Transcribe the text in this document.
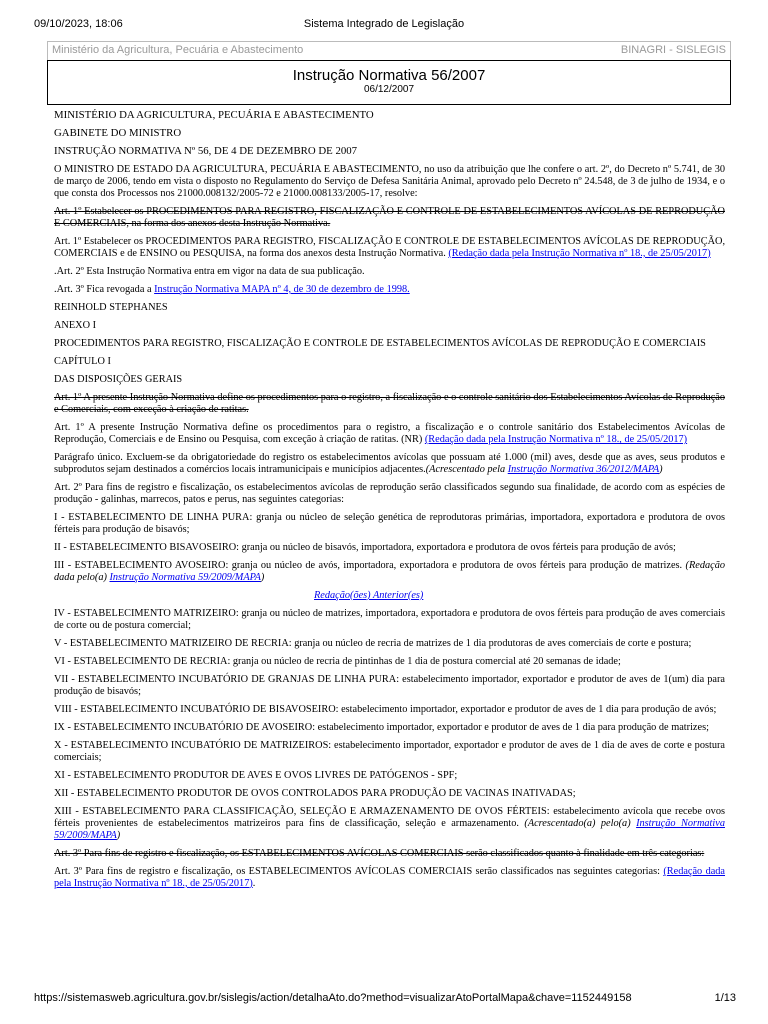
09/10/2023, 18:06	Sistema Integrado de Legislação
Ministério da Agricultura, Pecuária e Abastecimento	BINAGRI - SISLEGIS
Instrução Normativa 56/2007
06/12/2007

MINISTÉRIO DA AGRICULTURA, PECUÁRIA E ABASTECIMENTO

GABINETE DO MINISTRO

INSTRUÇÃO NORMATIVA Nº 56, DE 4 DE DEZEMBRO DE 2007

O MINISTRO DE ESTADO DA AGRICULTURA, PECUÁRIA E ABASTECIMENTO, no uso da atribuição que lhe confere o art. 2º, do Decreto nº 5.741, de 30 de março de 2006, tendo em vista o disposto no Regulamento do Serviço de Defesa Sanitária Animal, aprovado pelo Decreto nº 24.548, de 3 de julho de 1934, e o que consta dos Processos nos 21000.008132/2005-72 e 21000.008133/2005-17, resolve:

Art. 1º Estabelecer os PROCEDIMENTOS PARA REGISTRO, FISCALIZAÇÃO E CONTROLE DE ESTABELECIMENTOS AVÍCOLAS DE REPRODUÇÃO E COMERCIAIS, na forma dos anexos desta Instrução Normativa.

Art. 1º Estabelecer os PROCEDIMENTOS PARA REGISTRO, FISCALIZAÇÃO E CONTROLE DE ESTABELECIMENTOS AVÍCOLAS DE REPRODUÇÃO, COMERCIAIS e de ENSINO ou PESQUISA, na forma dos anexos desta Instrução Normativa. (Redação dada pela Instrução Normativa nº 18., de 25/05/2017)

.Art. 2º Esta Instrução Normativa entra em vigor na data de sua publicação.

.Art. 3º Fica revogada a Instrução Normativa MAPA nº 4, de 30 de dezembro de 1998.

REINHOLD STEPHANES

ANEXO I

PROCEDIMENTOS PARA REGISTRO, FISCALIZAÇÃO E CONTROLE DE ESTABELECIMENTOS AVÍCOLAS DE REPRODUÇÃO E COMERCIAIS

CAPÍTULO I

DAS DISPOSIÇÕES GERAIS

Art. 1º A presente Instrução Normativa define os procedimentos para o registro, a fiscalização e o controle sanitário dos Estabelecimentos Avícolas de Reprodução e Comerciais, com exceção à criação de ratitas.

Art. 1º A presente Instrução Normativa define os procedimentos para o registro, a fiscalização e o controle sanitário dos Estabelecimentos Avícolas de Reprodução, Comerciais e de Ensino ou Pesquisa, com exceção à criação de ratitas. (NR) (Redação dada pela Instrução Normativa nº 18., de 25/05/2017)

Parágrafo único. Excluem-se da obrigatoriedade do registro os estabelecimentos avícolas que possuam até 1.000 (mil) aves, desde que as aves, seus produtos e subprodutos sejam destinados a comércios locais intramunicipais e municípios adjacentes.(Acrescentado pela Instrução Normativa 36/2012/MAPA)

Art. 2º Para fins de registro e fiscalização, os estabelecimentos avícolas de reprodução serão classificados segundo sua finalidade, de acordo com as espécies de produção - galinhas, marrecos, patos e perus, nas seguintes categorias:

I - ESTABELECIMENTO DE LINHA PURA: granja ou núcleo de seleção genética de reprodutoras primárias, importadora, exportadora e produtora de ovos férteis para produção de bisavós;

II - ESTABELECIMENTO BISAVOSEIRO: granja ou núcleo de bisavós, importadora, exportadora e produtora de ovos férteis para produção de avós;

III - ESTABELECIMENTO AVOSEIRO: granja ou núcleo de avós, importadora, exportadora e produtora de ovos férteis para produção de matrizes. (Redação dada pelo(a) Instrução Normativa 59/2009/MAPA)

Redação(ões) Anterior(es)

IV - ESTABELECIMENTO MATRIZEIRO: granja ou núcleo de matrizes, importadora, exportadora e produtora de ovos férteis para produção de aves comerciais de corte ou de postura comercial;

V - ESTABELECIMENTO MATRIZEIRO DE RECRIA: granja ou núcleo de recria de matrizes de 1 dia produtoras de aves comerciais de corte e postura;

VI - ESTABELECIMENTO DE RECRIA: granja ou núcleo de recria de pintinhas de 1 dia de postura comercial até 20 semanas de idade;

VII - ESTABELECIMENTO INCUBATÓRIO DE GRANJAS DE LINHA PURA: estabelecimento importador, exportador e produtor de aves de 1(um) dia para produção de bisavós;

VIII - ESTABELECIMENTO INCUBATÓRIO DE BISAVOSEIRO: estabelecimento importador, exportador e produtor de aves de 1 dia para produção de avós;

IX - ESTABELECIMENTO INCUBATÓRIO DE AVOSEIRO: estabelecimento importador, exportador e produtor de aves de 1 dia para produção de matrizes;

X - ESTABELECIMENTO INCUBATÓRIO DE MATRIZEIROS: estabelecimento importador, exportador e produtor de aves de 1 dia de aves de corte e postura comerciais;

XI - ESTABELECIMENTO PRODUTOR DE AVES E OVOS LIVRES DE PATÓGENOS - SPF;

XII - ESTABELECIMENTO PRODUTOR DE OVOS CONTROLADOS PARA PRODUÇÃO DE VACINAS INATIVADAS;

XIII - ESTABELECIMENTO PARA CLASSIFICAÇÃO, SELEÇÃO E ARMAZENAMENTO DE OVOS FÉRTEIS: estabelecimento avícola que recebe ovos férteis provenientes de estabelecimentos matrizeiros para fins de classificação, seleção e armazenamento. (Acrescentado(a) pelo(a) Instrução Normativa 59/2009/MAPA)

Art. 3º Para fins de registro e fiscalização, os ESTABELECIMENTOS AVÍCOLAS COMERCIAIS serão classificados quanto à finalidade em três categorias:

Art. 3º Para fins de registro e fiscalização, os ESTABELECIMENTOS AVÍCOLAS COMERCIAIS serão classificados nas seguintes categorias: (Redação dada pela Instrução Normativa nº 18., de 25/05/2017).

https://sistemasweb.agricultura.gov.br/sislegis/action/detalhaAto.do?method=visualizarAtoPortalMapa&chave=1152449158	1/13
